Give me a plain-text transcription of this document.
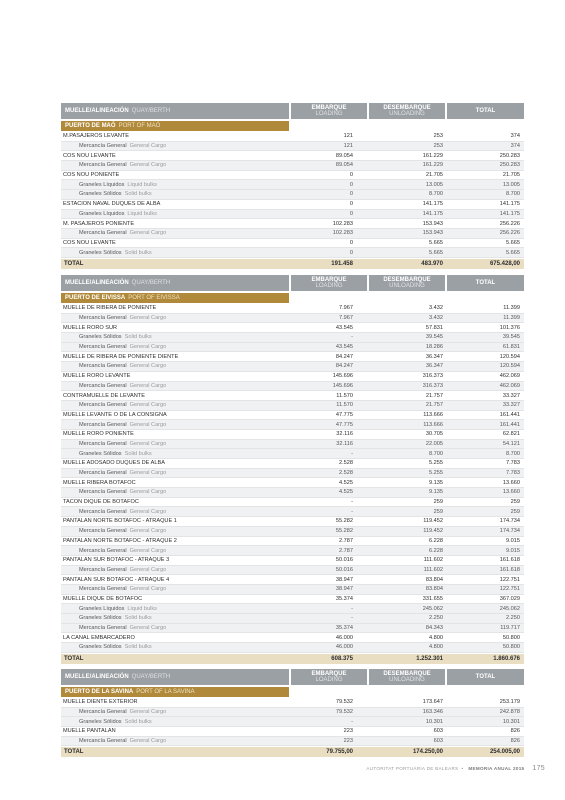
MUELLE/ALINEACIÓN QUAY/BERTH
EMBARQUE
LOADING
DESEMBARQUE
UNLOADING
TOTAL
PUERTO DE MAÓ PORT OF MAÓ
M.PASAJEROS LEVANTE	121	253	374
Mercancía General General Cargo	121	253	374
COS NOU LEVANTE	89.054	161.229	250.283
Mercancía General General Cargo	89.054	161.229	250.283
COS NOU PONIENTE	0	21.705	21.705
Graneles Líquidos Liquid bulks	0	13.005	13.005
Graneles Sólidos Solid bulks	0	8.700	8.700
ESTACION NAVAL DUQUES DE ALBA	0	141.175	141.175
Graneles Líquidos Liquid bulks	0	141.175	141.175
M. PASAJEROS PONIENTE	102.283	153.943	256.226
Mercancía General General Cargo	102.283	153.943	256.226
COS NOU LEVANTE	0	5.665	5.665
Graneles Sólidos Solid bulks	0	5.665	5.665
TOTAL	191.458	483.970	675.428,00
MUELLE/ALINEACIÓN QUAY/BERTH
EMBARQUE
LOADING
DESEMBARQUE
UNLOADING
TOTAL
PUERTO DE EIVISSA PORT OF EIVISSA
MUELLE DE RIBERA DE PONIENTE	7.967	3.432	11.399
Mercancía General General Cargo	7.967	3.432	11.399
MUELLE RORO SUR	43.545	57.831	101.376
Graneles Sólidos Solid bulks	-	39.545	39.545
Mercancía General General Cargo	43.545	18.286	61.831
MUELLE DE RIBERA DE PONIENTE DIENTE	84.247	36.347	120.594
Mercancía General General Cargo	84.247	36.347	120.594
MUELLE RORO LEVANTE	145.696	316.373	462.069
Mercancía General General Cargo	145.696	316.373	462.069
CONTRAMUELLE DE LEVANTE	11.570	21.757	33.327
Mercancía General General Cargo	11.570	21.757	33.327
MUELLE LEVANTE O DE LA CONSIGNA	47.775	113.666	161.441
Mercancía General General Cargo	47.775	113.666	161.441
MUELLE RORO PONIENTE	32.116	30.705	62.821
Mercancía General General Cargo	32.116	22.005	54.121
Graneles Sólidos Solid bulks	-	8.700	8.700
MUELLE ADOSADO DUQUES DE ALBA	2.528	5.255	7.783
Mercancía General General Cargo	2.528	5.255	7.783
MUELLE RIBERA BOTAFOC	4.525	9.135	13.660
Mercancía General General Cargo	4.525	9.135	13.660
TACON DIQUE DE BOTAFOC	-	259	259
Mercancía General General Cargo	-	259	259
PANTALÁN NORTE BOTAFOC - ATRAQUE 1	55.282	119.452	174.734
Mercancía General General Cargo	55.282	119.452	174.734
PANTALÁN NORTE BOTAFOC - ATRAQUE 2	2.787	6.228	9.015
Mercancía General General Cargo	2.787	6.228	9.015
PANTALÁN SUR BOTAFOC - ATRAQUE 3	50.016	111.602	161.618
Mercancía General General Cargo	50.016	111.602	161.618
PANTALÁN SUR BOTAFOC - ATRAQUE 4	38.947	83.804	122.751
Mercancía General General Cargo	38.947	83.804	122.751
MUELLE DIQUE DE BOTAFOC	35.374	331.655	367.029
Graneles Líquidos Liquid bulks	-	245.062	245.062
Graneles Sólidos Solid bulks	-	2.250	2.250
Mercancía General General Cargo	35.374	84.343	119.717
LA CANAL EMBARCADERO	46.000	4.800	50.800
Graneles Sólidos Solid bulks	46.000	4.800	50.800
TOTAL	608.375	1.252.301	1.860.676
MUELLE/ALINEACIÓN QUAY/BERTH
EMBARQUE
LOADING
DESEMBARQUE
UNLOADING
TOTAL
PUERTO DE LA SAVINA PORT OF LA SAVINA
MUELLE DIENTE EXTERIOR	79.532	173.647	253.179
Mercancía General General Cargo	79.532	163.346	242.878
Graneles Sólidos Solid bulks	-	10.301	10.301
MUELLE PANTALAN	223	603	826
Mercancía General General Cargo	223	603	826
TOTAL	79.755,00	174.250,00	254.005,00
AUTORITAT PORTUÀRIA DE BALEARS • MEMORIA ANUAL 2015 175
